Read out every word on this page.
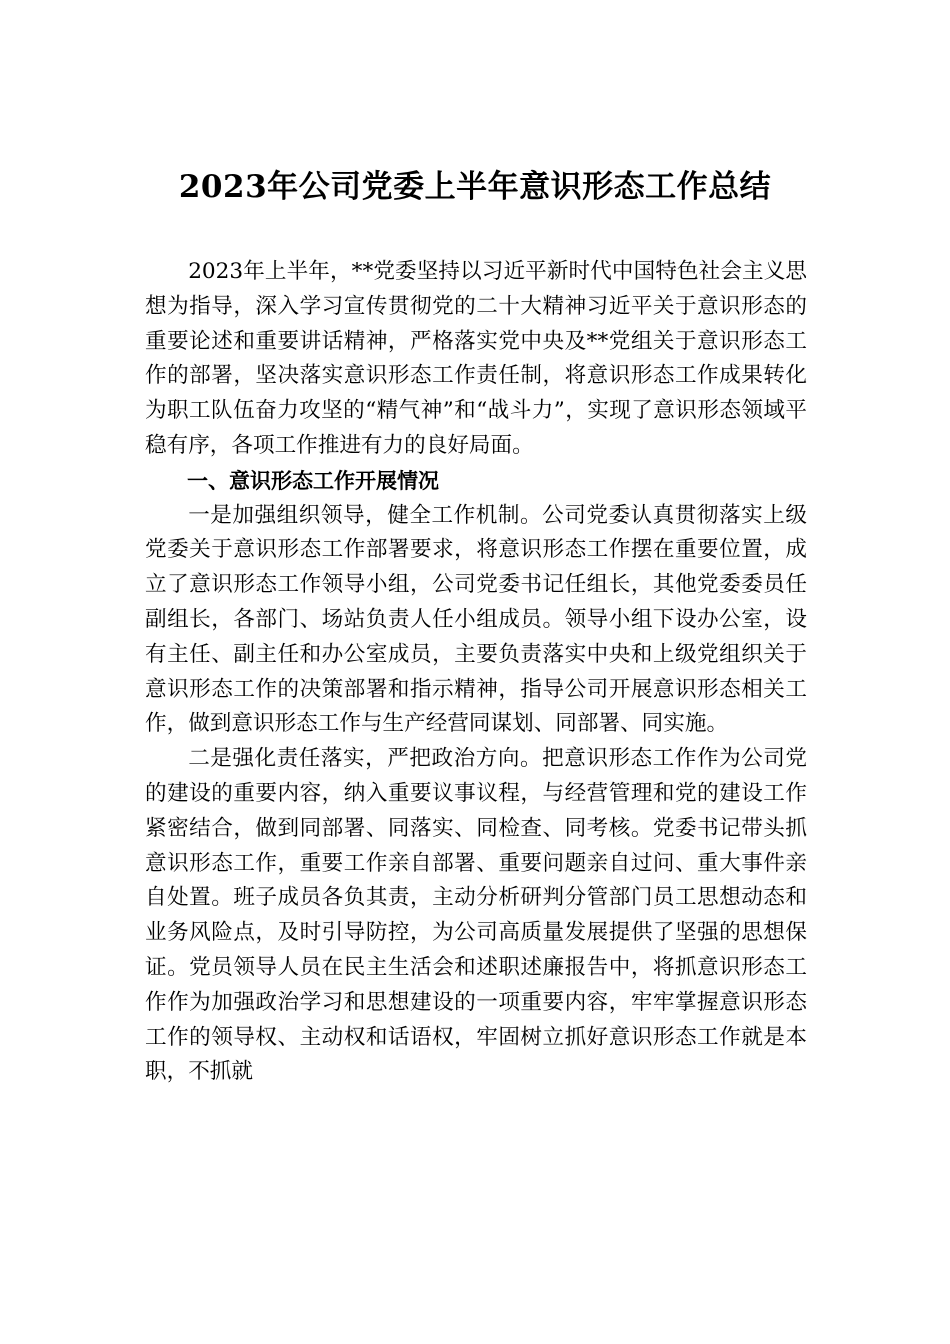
2023年公司党委上半年意识形态工作总结

2023年上半年，**党委坚持以习近平新时代中国特色社会主义思想为指导，深入学习宣传贯彻党的二十大精神习近平关于意识形态的重要论述和重要讲话精神，严格落实党中央及**党组关于意识形态工作的部署，坚决落实意识形态工作责任制，将意识形态工作成果转化为职工队伍奋力攻坚的“精气神”和“战斗力”，实现了意识形态领域平稳有序，各项工作推进有力的良好局面。

一、意识形态工作开展情况

一是加强组织领导，健全工作机制。公司党委认真贯彻落实上级党委关于意识形态工作部署要求，将意识形态工作摆在重要位置，成立了意识形态工作领导小组，公司党委书记任组长，其他党委委员任副组长，各部门、场站负责人任小组成员。领导小组下设办公室，设有主任、副主任和办公室成员，主要负责落实中央和上级党组织关于意识形态工作的决策部署和指示精神，指导公司开展意识形态相关工作，做到意识形态工作与生产经营同谋划、同部署、同实施。

二是强化责任落实，严把政治方向。把意识形态工作作为公司党的建设的重要内容，纳入重要议事议程，与经营管理和党的建设工作紧密结合，做到同部署、同落实、同检查、同考核。党委书记带头抓意识形态工作，重要工作亲自部署、重要问题亲自过问、重大事件亲自处置。班子成员各负其责，主动分析研判分管部门员工思想动态和业务风险点，及时引导防控，为公司高质量发展提供了坚强的思想保证。党员领导人员在民主生活会和述职述廉报告中，将抓意识形态工作作为加强政治学习和思想建设的一项重要内容，牢牢掌握意识形态工作的领导权、主动权和话语权，牢固树立抓好意识形态工作就是本职，不抓就
